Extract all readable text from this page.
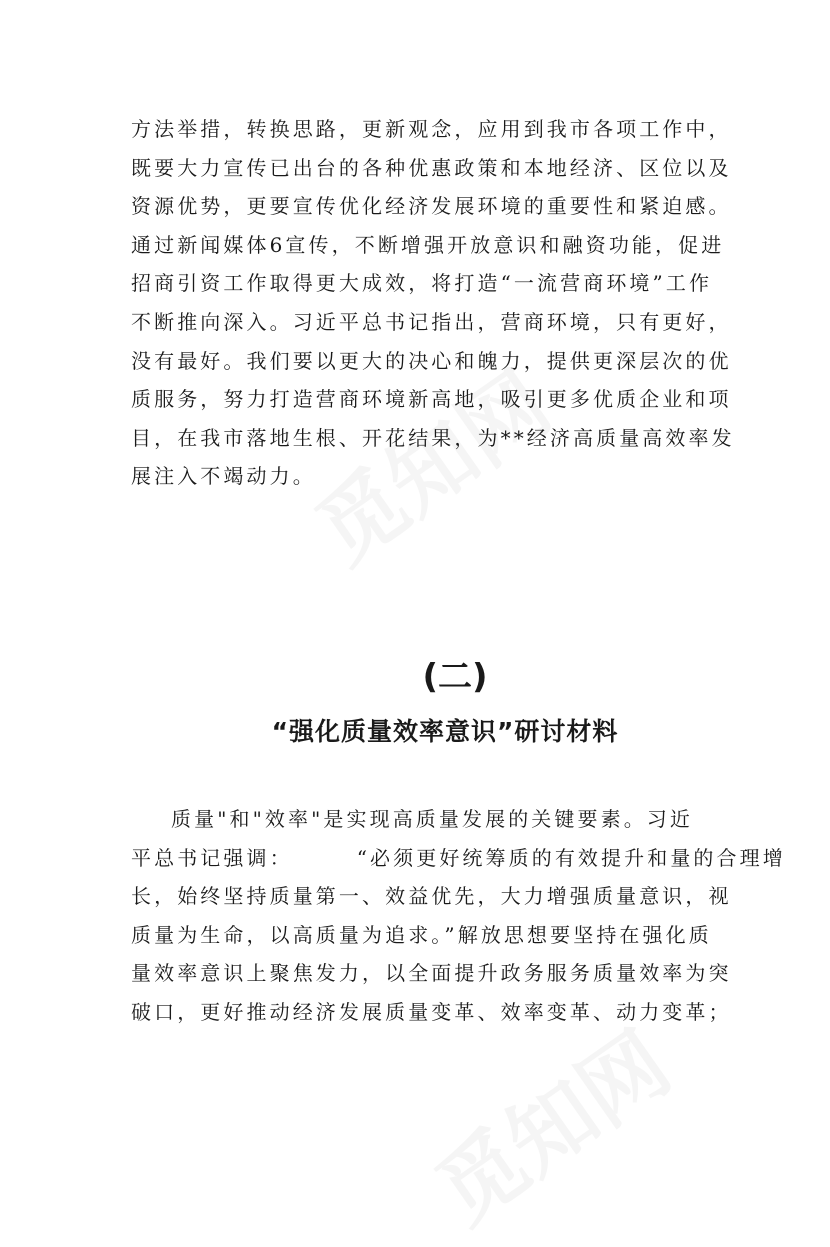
方法举措，转换思路，更新观念，应用到我市各项工作中，
既要大力宣传已出台的各种优惠政策和本地经济、区位以及
资源优势，更要宣传优化经济发展环境的重要性和紧迫感。
通过新闻媒体6宣传，不断增强开放意识和融资功能，促进
招商引资工作取得更大成效，将打造“一流营商环境”工作
不断推向深入。习近平总书记指出，营商环境，只有更好，
没有最好。我们要以更大的决心和魄力，提供更深层次的优
质服务，努力打造营商环境新高地，吸引更多优质企业和项
目，在我市落地生根、开花结果，为**经济高质量高效率发
展注入不竭动力。

(二)
“强化质量效率意识”研讨材料

质量"和"效率"是实现高质量发展的关键要素。习近
平总书记强调：	“必须更好统筹质的有效提升和量的合理增
长，始终坚持质量第一、效益优先，大力增强质量意识，视
质量为生命，以高质量为追求。”解放思想要坚持在强化质
量效率意识上聚焦发力，以全面提升政务服务质量效率为突
破口，更好推动经济发展质量变革、效率变革、动力变革；
